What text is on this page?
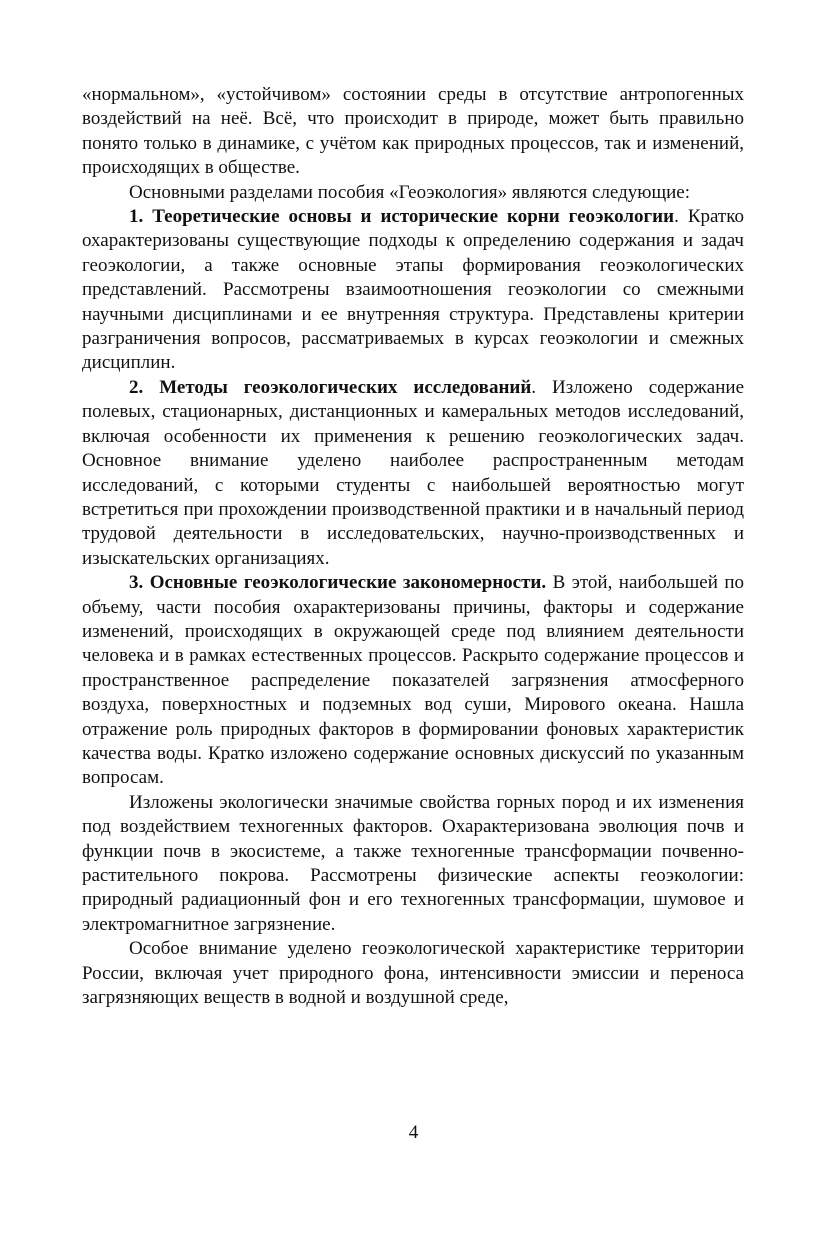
«нормальном», «устойчивом» состоянии среды в отсутствие антропогенных воздействий на неё. Всё, что происходит в природе, может быть правильно понято только в динамике, с учётом как природных процессов, так и изменений, происходящих в обществе.

Основными разделами пособия «Геоэкология» являются следующие:

1. Теоретические основы и исторические корни геоэкологии. Кратко охарактеризованы существующие подходы к определению содержания и задач геоэкологии, а также основные этапы формирования геоэкологических представлений. Рассмотрены взаимоотношения геоэкологии со смежными научными дисциплинами и ее внутренняя структура. Представлены критерии разграничения вопросов, рассматриваемых в курсах геоэкологии и смежных дисциплин.

2. Методы геоэкологических исследований. Изложено содержание полевых, стационарных, дистанционных и камеральных методов исследований, включая особенности их применения к решению геоэкологических задач. Основное внимание уделено наиболее распространенным методам исследований, с которыми студенты с наибольшей вероятностью могут встретиться при прохождении производственной практики и в начальный период трудовой деятельности в исследовательских, научно-производственных и изыскательских организациях.

3. Основные геоэкологические закономерности. В этой, наибольшей по объему, части пособия охарактеризованы причины, факторы и содержание изменений, происходящих в окружающей среде под влиянием деятельности человека и в рамках естественных процессов. Раскрыто содержание процессов и пространственное распределение показателей загрязнения атмосферного воздуха, поверхностных и подземных вод суши, Мирового океана. Нашла отражение роль природных факторов в формировании фоновых характеристик качества воды. Кратко изложено содержание основных дискуссий по указанным вопросам.

Изложены экологически значимые свойства горных пород и их изменения под воздействием техногенных факторов. Охарактеризована эволюция почв и функции почв в экосистеме, а также техногенные трансформации почвенно-растительного покрова. Рассмотрены физические аспекты геоэкологии: природный радиационный фон и его техногенных трансформации, шумовое и электромагнитное загрязнение.

Особое внимание уделено геоэкологической характеристике территории России, включая учет природного фона, интенсивности эмиссии и переноса загрязняющих веществ в водной и воздушной среде,

4
